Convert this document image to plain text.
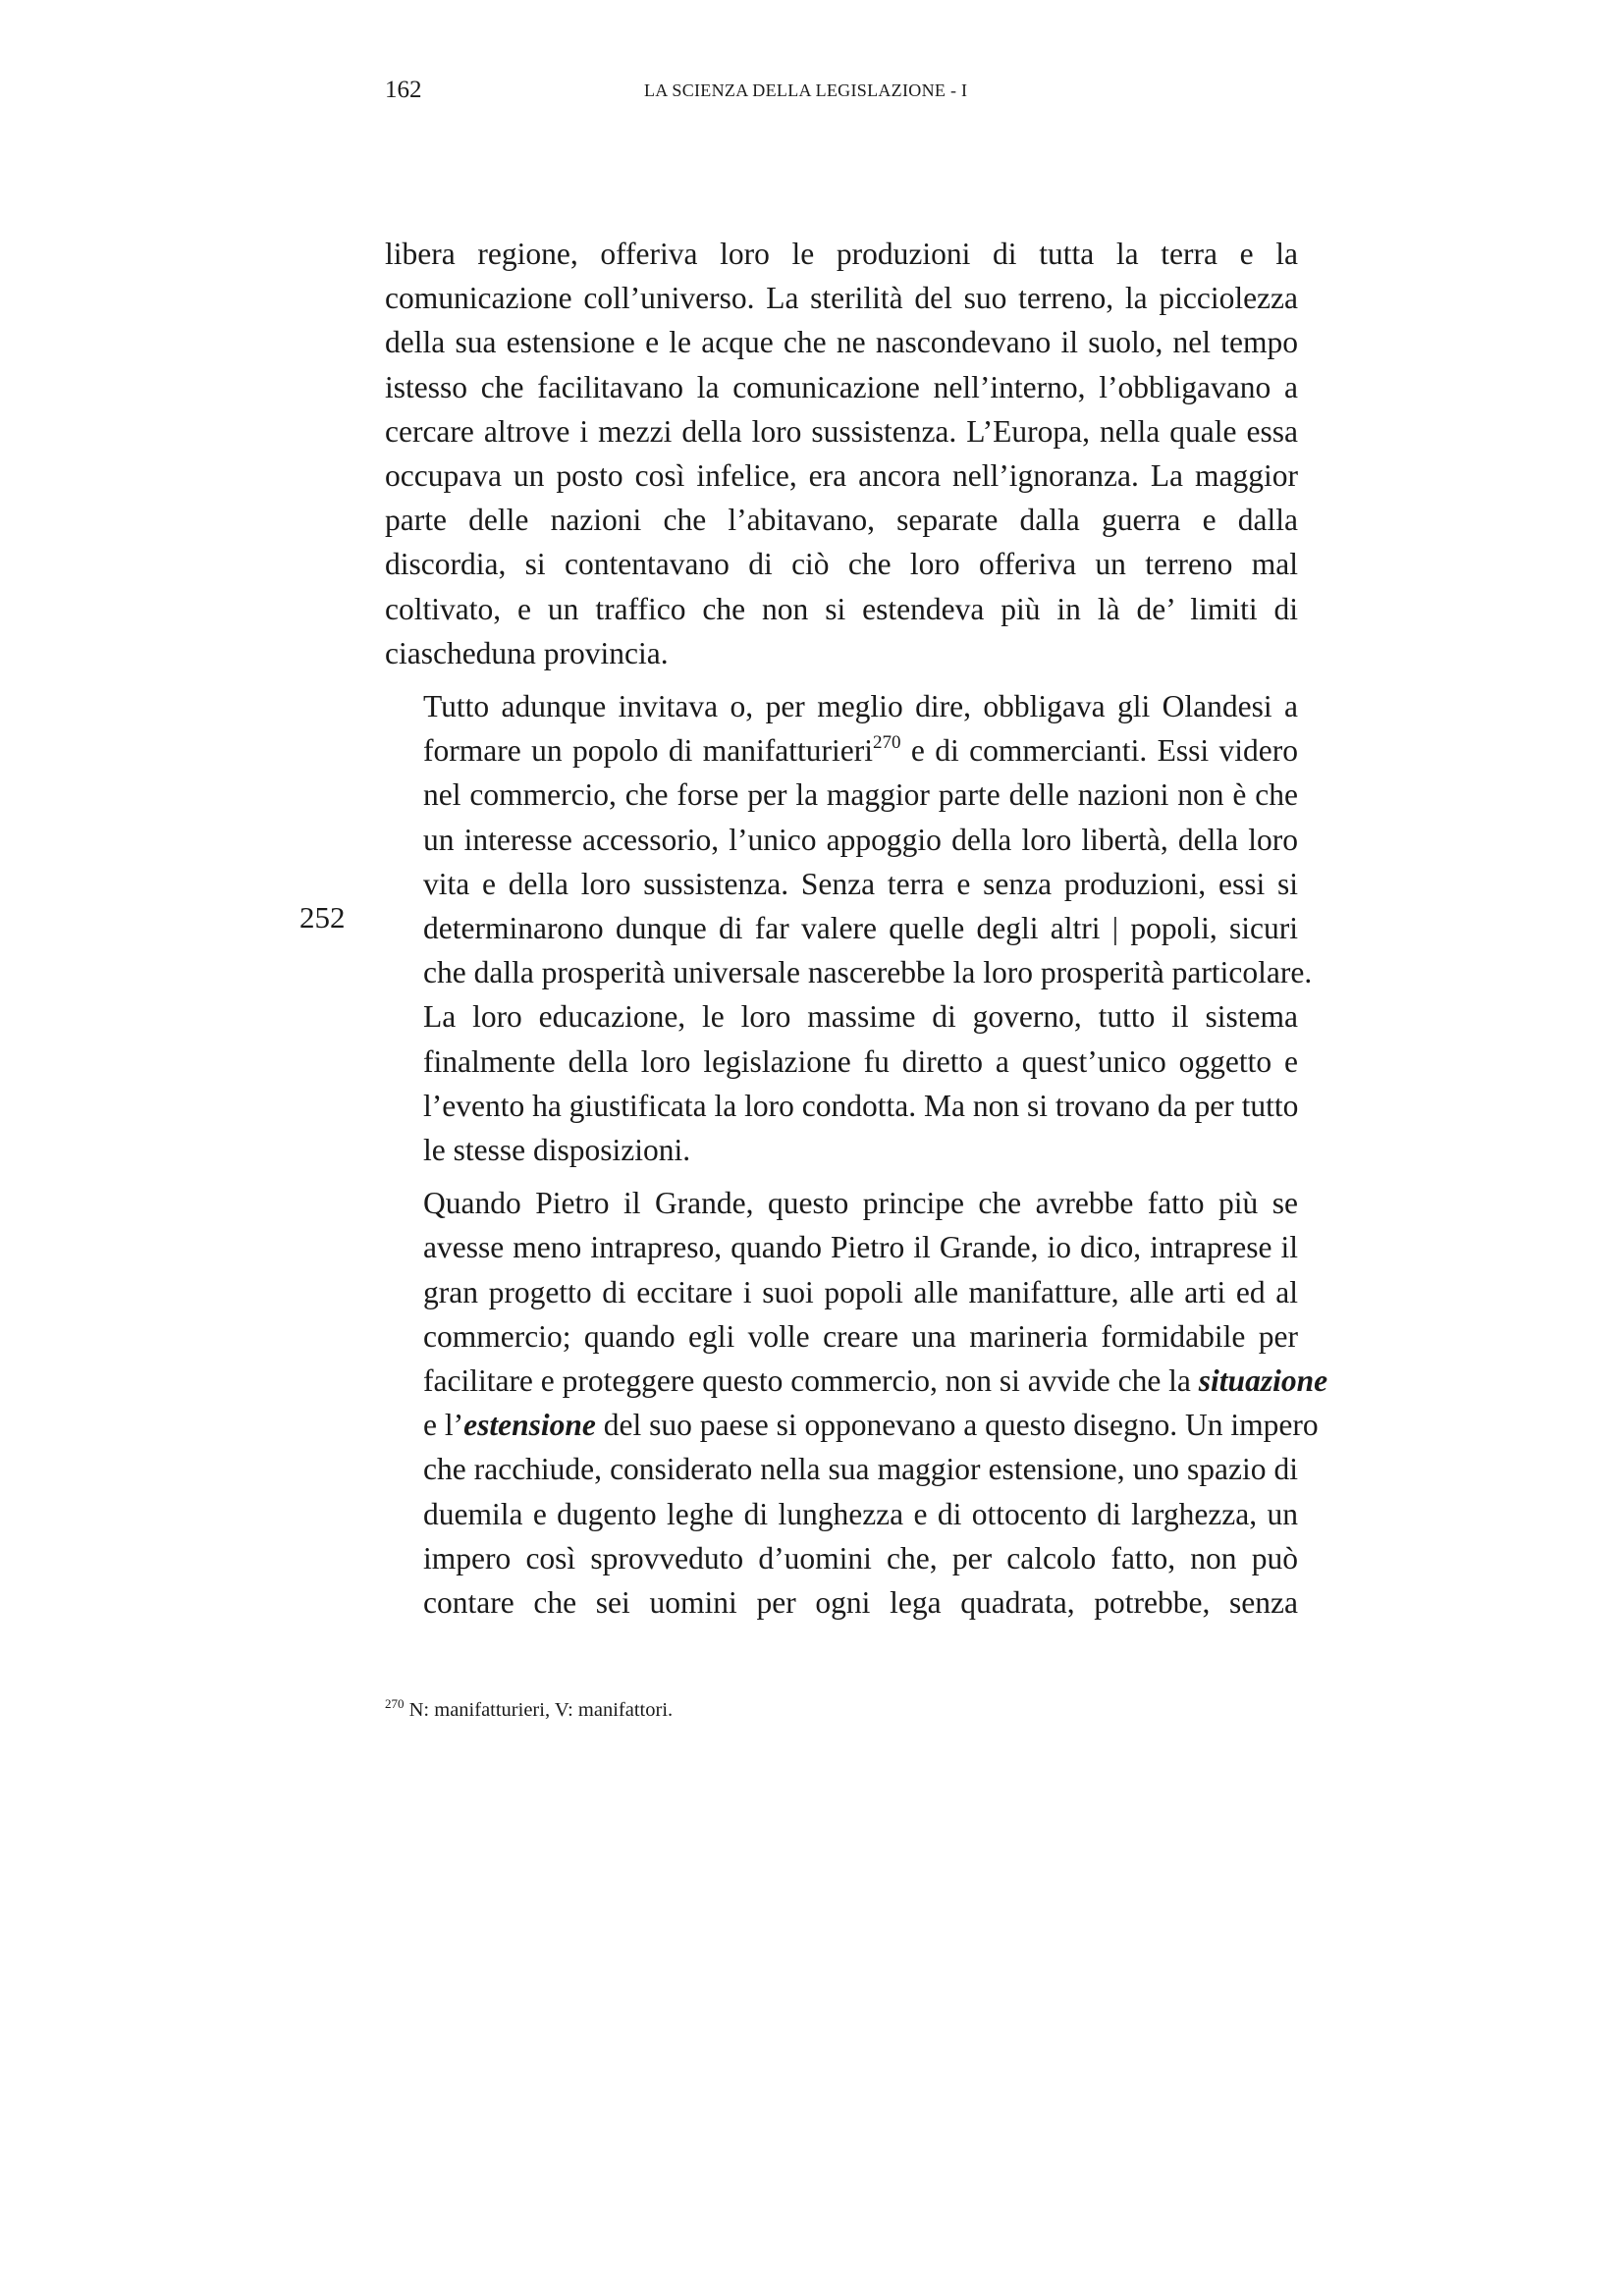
162	LA SCIENZA DELLA LEGISLAZIONE - I
252

libera regione, offeriva loro le produzioni di tutta la terra e la
comunicazione coll’universo. La sterilità del suo terreno, la picciolezza
della sua estensione e le acque che ne nascondevano il suolo, nel tempo
istesso che facilitavano la comunicazione nell’interno, l’obbligavano a
cercare altrove i mezzi della loro sussistenza. L’Europa, nella quale essa
occupava un posto così infelice, era ancora nell’ignoranza. La maggior
parte delle nazioni che l’abitavano, separate dalla guerra e dalla
discordia, si contentavano di ciò che loro offeriva un terreno mal
coltivato, e un traffico che non si estendeva più in là de’ limiti di
ciascheduna provincia.

Tutto adunque invitava o, per meglio dire, obbligava gli Olandesi a
formare un popolo di manifatturieri$^{270}$ e di commercianti. Essi videro
nel commercio, che forse per la maggior parte delle nazioni non è che
un interesse accessorio, l’unico appoggio della loro libertà, della loro
vita e della loro sussistenza. Senza terra e senza produzioni, essi si
determinarono dunque di far valere quelle degli altri | popoli, sicuri
che dalla prosperità universale nascerebbe la loro prosperità particolare.
La loro educazione, le loro massime di governo, tutto il sistema
finalmente della loro legislazione fu diretto a quest’unico oggetto e
l’evento ha giustificata la loro condotta. Ma non si trovano da per tutto
le stesse disposizioni.

Quando Pietro il Grande, questo principe che avrebbe fatto più se
avesse meno intrapreso, quando Pietro il Grande, io dico, intraprese il
gran progetto di eccitare i suoi popoli alle manifatture, alle arti ed al
commercio; quando egli volle creare una marineria formidabile per
facilitare e proteggere questo commercio, non si avvide che la situazione
e l’estensione del suo paese si opponevano a questo disegno. Un impero
che racchiude, considerato nella sua maggior estensione, uno spazio di
duemila e dugento leghe di lunghezza e di ottocento di larghezza, un
impero così sprovveduto d’uomini che, per calcolo fatto, non può
contare che sei uomini per ogni lega quadrata, potrebbe, senza

$^{270}$ N: manifatturieri, V: manifattori.
